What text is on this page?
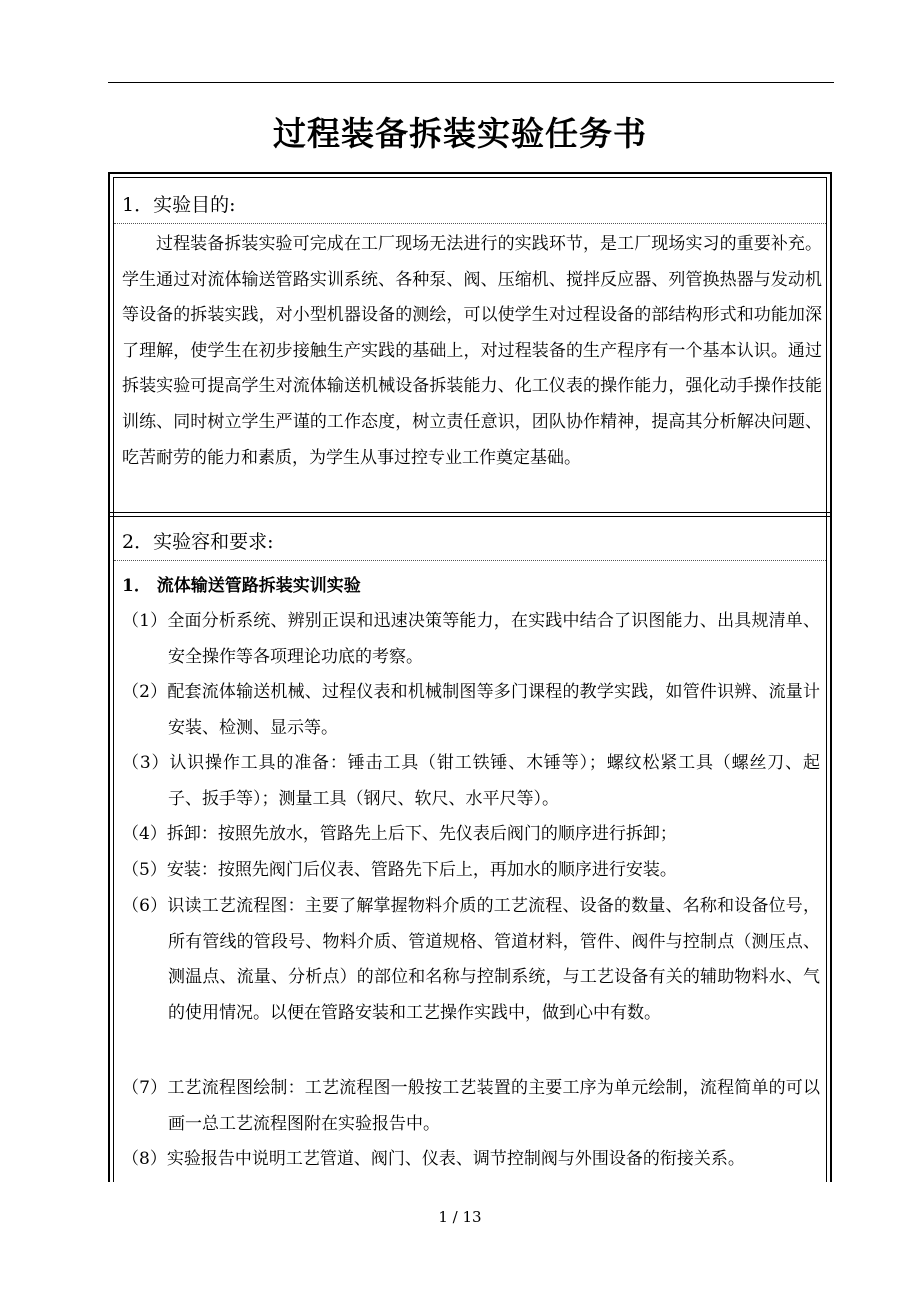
过程装备拆装实验任务书
1．实验目的:

过程装备拆装实验可完成在工厂现场无法进行的实践环节，是工厂现场实习的重要补充。学生通过对流体输送管路实训系统、各种泵、阀、压缩机、搅拌反应器、列管换热器与发动机等设备的拆装实践，对小型机器设备的测绘，可以使学生对过程设备的部结构形式和功能加深了理解，使学生在初步接触生产实践的基础上，对过程装备的生产程序有一个基本认识。通过拆装实验可提高学生对流体输送机械设备拆装能力、化工仪表的操作能力，强化动手操作技能训练、同时树立学生严谨的工作态度，树立责任意识，团队协作精神，提高其分析解决问题、吃苦耐劳的能力和素质，为学生从事过控专业工作奠定基础。

2．实验容和要求:
1． 流体输送管路拆装实训实验

（1）全面分析系统、辨别正误和迅速决策等能力，在实践中结合了识图能力、出具规清单、安全操作等各项理论功底的考察。

（2）配套流体输送机械、过程仪表和机械制图等多门课程的教学实践，如管件识辨、流量计安装、检测、显示等。

（3）认识操作工具的准备：锤击工具（钳工铁锤、木锤等）；螺纹松紧工具（螺丝刀、起子、扳手等）；测量工具（钢尺、软尺、水平尺等）。

（4）拆卸：按照先放水，管路先上后下、先仪表后阀门的顺序进行拆卸；

（5）安装：按照先阀门后仪表、管路先下后上，再加水的顺序进行安装。

（6）识读工艺流程图：主要了解掌握物料介质的工艺流程、设备的数量、名称和设备位号，所有管线的管段号、物料介质、管道规格、管道材料，管件、阀件与控制点（测压点、测温点、流量、分析点）的部位和名称与控制系统，与工艺设备有关的辅助物料水、气的使用情况。以便在管路安装和工艺操作实践中，做到心中有数。

（7）工艺流程图绘制：工艺流程图一般按工艺装置的主要工序为单元绘制，流程简单的可以画一总工艺流程图附在实验报告中。

（8）实验报告中说明工艺管道、阀门、仪表、调节控制阀与外围设备的衔接关系。

1 / 13
